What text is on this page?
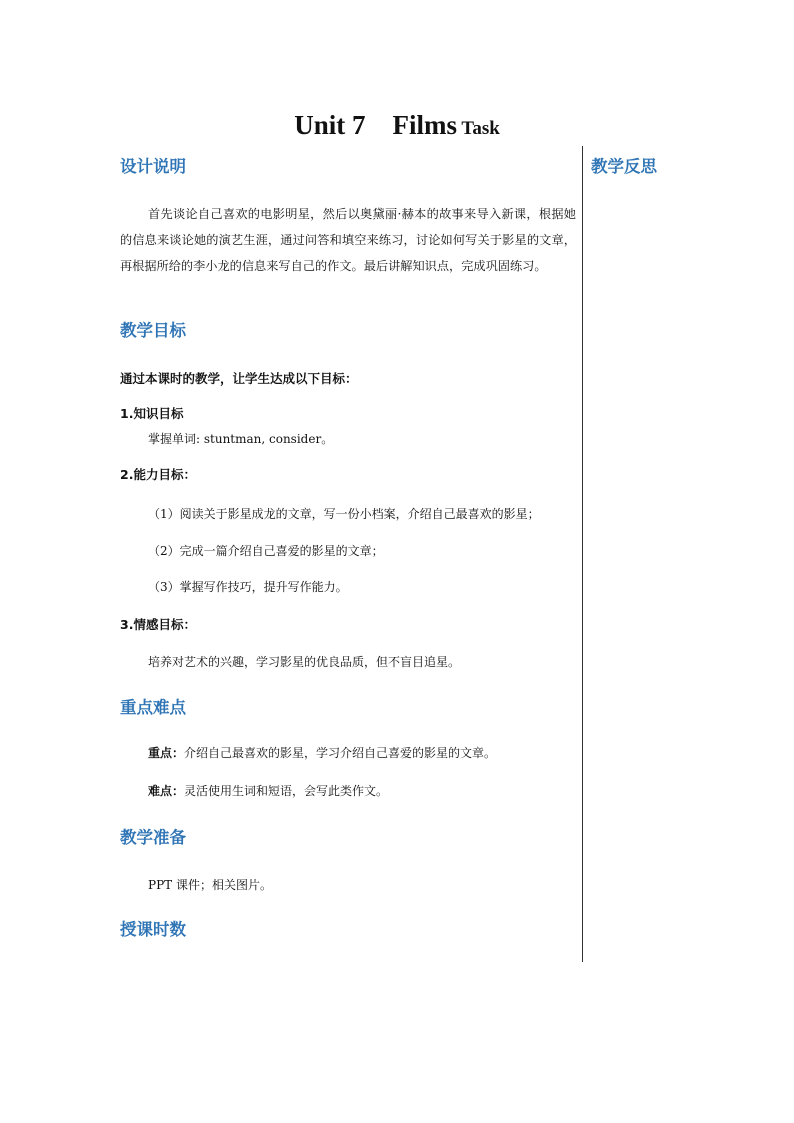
Unit 7    Films Task
教学反思
设计说明
首先谈论自己喜欢的电影明星，然后以奥黛丽·赫本的故事来导入新课，根据她的信息来谈论她的演艺生涯，通过问答和填空来练习，讨论如何写关于影星的文章，再根据所给的李小龙的信息来写自己的作文。最后讲解知识点，完成巩固练习。
教学目标
通过本课时的教学，让学生达成以下目标：
1.知识目标
掌握单词: stuntman, consider。
2.能力目标：
（1）阅读关于影星成龙的文章，写一份小档案，介绍自己最喜欢的影星；
（2）完成一篇介绍自己喜爱的影星的文章；
（3）掌握写作技巧，提升写作能力。
3.情感目标：
培养对艺术的兴趣，学习影星的优良品质，但不盲目追星。
重点难点
重点：介绍自己最喜欢的影星，学习介绍自己喜爱的影星的文章。
难点：灵活使用生词和短语，会写此类作文。
教学准备
PPT 课件；相关图片。
授课时数
